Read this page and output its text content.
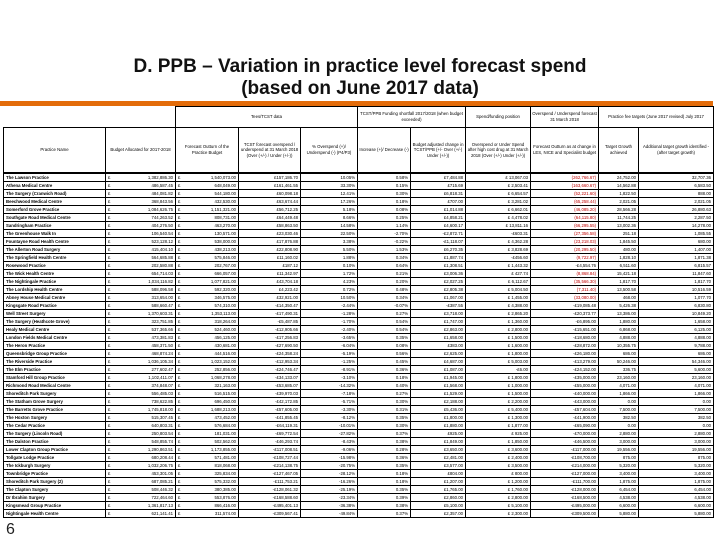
D. PPB – Variation in practice level forecast spend
(based on June 2017 data)
		Tees/TCST data			TCST/PPB Funding shortfall 2017/2018 (when budget exceeded)		Spend/funding position	Overspend / Underspend forecast 31 March 2018	Practice fee targets (June 2017 revised) July 2017	
Practice Name	Budget Allocated for 2017-2018	Forecast Outturn of the Practice Budget	TCST forecast overspend / underspend at 31 March 2018 (Over (+/-) / Under (+/-))	% Overspend (+)/ Underspend (-) (P4/P3)	Increase (+)/ Decrease (-)	Budget adjusted change in TCST/PPB (+/- Over (+/-) Under (+/-))	Overspend or Under Spend after high cost drug at 31 March 2018 (Over (+/-) Under (+/-))	Forecast Outturn as at change in LES, NICE and Specialist budget	Target Growth achieved	Additional target growth identified - (after target growth)
The Lawson Practice	£ 1,382,886.30	£ 1,540,073.00	£157,186.70	10.05%	0.58%	£7,484.88	£ 13,067.03	(262,766.67)	24,752.00	32,707.36
Athena Medical Centre	£ 486,587.45	£ 648,049.00	£161,461.55	33.30%	0.15%	£715.69	£ 2,503.41	(163,660.67)	14,562.88	6,583.50
The Surgery (Cranwich Road)	£ 484,081.82	£ 544,180.00	£60,098.18	12.41%	0.30%	£6,818.31	£ 6,654.57	(52,221.60)	1,822.50	888.00
Beechwood Medical Centre	£ 368,843.56	£ 432,530.00	£63,674.44	17.26%	0.18%	£707.00	£ 3,281.02	(65,258.44)	2,021.05	2,021.05
Somerford Grove Practice	£ 1,084,626.75	£ 1,151,321.00	£56,712.25	5.18%	0.08%	£1,014.88	£ 6,662.01	(46,085.20)	28,566.28	26,880.63
Southgate Road Medical Centre	£ 744,263.52	£ 808,731.00	£64,449.48	8.66%	0.25%	£4,858.21	£ 4,478.02	(64,115.80)	11,744.25	2,287.50
Sandringham Practice	£ 404,276.50	£ 463,270.00	£58,863.50	14.58%	1.14%	£4,600.17	£ 13,811.16	(66,295.55)	13,002.36	14,278.00
The Greenhouse Walk In	£ 106,540.54	£ 130,571.00	£23,030.46	22.50%	-2.70%	-£2,872.71	-£603.31	(27,356.58)	251.18	1,085.55
Fountayne Road Health Centre	£ 523,128.12	£ 538,000.00	£17,876.88	3.38%	-0.22%	-£1,118.07	£ 4,362.28	(23,218.03)	1,845.50	680.00
The Allerton Road Surgery	£ 415,404.10	£ 438,213.00	£22,808.90	5.50%	1.53%	£6,270.35	£ 3,828.69	(20,295.50)	480.00	1,407.00
The Springfield Health Centre	£ 564,685.88	£ 575,846.00	£11,160.02	1.88%	0.34%	£1,887.74	-£456.60	(9,722.97)	1,828.10	1,871.38
Rosewood Practice	£ 202,580.88	£ 202,767.00	£187.12	0.10%	0.64%	£1,308.51	£ 1,443.32	-£4,554.76	6,511.60	6,815.57
The Wick Health Centre	£ 654,714.03	£ 666,057.00	£11,342.97	1.72%	0.21%	£3,006.36	£ 427.74	(8,868.84)	15,421.18	11,847.60
The Nightingale Practice	£ 1,034,116.82	£ 1,077,821.00	£43,704.18	4.23%	0.20%	£2,027.25	£ 6,112.67	(35,566.30)	1,817.70	1,817.70
The Lordship Health Centre	£ 588,096.58	£ 592,320.00	£4,223.42	0.72%	0.48%	£2,805.38	£ 5,004.50	(7,311.40)	13,500.58	10,516.59
Abney House Medical Centre	£ 313,654.00	£ 346,575.00	£32,921.00	10.50%	0.34%	£1,067.00	£ 1,455.00	(33,080.00)	468.00	1,077.70
Kingsgate Road Practice	£ 588,660.47	£ 574,310.00	-£14,350.47	-2.44%	-0.07%	-£387.55	£ 4,388.00	-£19,085.48	5,426.38	6,830.80
Well Street Surgery	£ 1,370,603.31	£ 1,353,113.00	-£17,490.31	-1.28%	0.27%	£3,718.00	£ 2,865.20	-£20,373.77	13,386.00	10,849.20
The Surgery (Heathcote Grove)	£ 323,751.85	£ 318,264.00	-£5,487.85	-1.70%	0.54%	£1,747.00	£ 1,360.00	-£6,895.00	1,880.00	1,658.00
Healy Medical Centre	£ 537,365.66	£ 524,460.00	-£12,905.66	-2.40%	0.54%	£2,863.00	£ 2,800.00	-£15,651.00	6,868.00	6,125.00
London Fields Medical Centre	£ 473,381.83	£ 456,125.00	-£17,256.83	-3.65%	0.35%	£1,658.00	£ 1,500.00	-£18,680.00	4,888.00	4,888.00
The Heron Practice	£ 458,371.50	£ 430,681.00	-£27,690.50	-6.04%	0.08%	£383.00	£ 1,600.00	-£28,872.00	10,355.75	9,788.00
Queensbridge Group Practice	£ 468,874.24	£ 444,516.00	-£24,358.24	-5.19%	0.56%	£2,625.00	£ 1,800.00	-£26,180.00	686.00	686.00
The Riverside Practice	£ 1,036,105.34	£ 1,023,152.00	-£12,953.34	-1.25%	0.45%	£4,687.00	£ 5,003.00	-£13,279.00	50,246.00	54,346.00
The Elm Practice	£ 277,602.47	£ 252,856.00	-£24,746.47	-8.91%	0.36%	£1,087.00	-£6.00	-£24,152.00	336.75	5,600.00
Stamford Hill Group Practice	£ 1,102,411.07	£ 1,068,278.00	-£34,133.07	-3.10%	0.18%	£1,945.00	£ 1,800.00	-£35,000.00	23,160.00	23,160.00
Richmond Road Medical Centre	£ 374,848.07	£ 321,163.00	-£53,685.07	-14.32%	0.40%	£1,568.00	£ 1,000.00	-£55,000.00	4,071.00	4,071.00
Shoreditch Park Surgery	£ 556,485.03	£ 516,515.00	-£39,970.03	-7.18%	0.27%	£1,529.00	£ 1,500.00	-£40,000.00	1,866.00	1,866.00
The Statham Grove Surgery	£ 738,622.85	£ 696,450.00	-£42,172.85	-5.71%	0.30%	£2,188.00	£ 2,200.00	-£43,000.00	0.00	0.00
The Barretts Grove Practice	£ 1,745,818.00	£ 1,688,213.00	-£57,605.00	-3.30%	0.31%	£5,436.00	£ 5,400.00	-£57,604.00	7,500.00	7,500.00
The Hoxton Surgery	£ 515,307.45	£ 473,452.00	-£41,855.45	-8.12%	0.35%	£1,800.00	£ 1,300.00	-£41,900.00	382.50	382.50
The Cedar Practice	£ 640,803.31	£ 576,684.00	-£64,119.31	-10.01%	0.30%	£1,880.00	£ 1,877.00	-£65,090.00	0.00	0.00
The Surgery (Lincoln Road)	£ 250,803.54	£ 181,031.00	-£69,772.54	-27.82%	0.37%	£925.00	£ 925.00	-£70,000.00	2,880.00	2,880.00
The Dalston Practice	£ 548,855.74	£ 502,562.00	-£46,293.74	-8.43%	0.38%	£1,849.00	£ 1,850.00	-£46,500.00	3,000.00	3,000.00
Lower Clapton Group Practice	£ 1,290,863.51	£ 1,173,855.00	-£117,008.51	-9.06%	0.28%	£3,650.00	£ 3,600.00	-£117,000.00	19,556.00	19,556.00
Tollgate Lodge Practice	£ 680,208.44	£ 571,481.00	-£108,727.44	-15.98%	0.36%	£2,481.00	£ 2,400.00	-£108,700.00	875.00	875.00
The Ickburgh Surgery	£ 1,032,206.75	£ 818,068.00	-£214,138.75	-20.75%	0.35%	£3,577.00	£ 3,500.00	-£214,000.00	5,320.00	5,320.00
Townbridge Practice	£ 453,301.05	£ 325,834.00	-£127,467.05	-28.12%	0.18%	£804.00	£ 800.00	-£127,000.00	3,400.00	3,400.00
Shoreditch Park Surgery (2)	£ 687,085.21	£ 575,332.00	-£111,753.21	-16.26%	0.18%	£1,207.00	£ 1,200.00	-£111,700.00	1,875.00	1,875.00
The Clapton Surgery	£ 508,446.32	£ 380,385.00	-£128,061.32	-25.19%	0.35%	£1,765.00	£ 1,760.00	-£128,000.00	6,454.00	6,454.00
Dr Ibrahim Surgery	£ 722,464.60	£ 553,876.00	-£168,588.60	-23.34%	0.39%	£2,860.00	£ 2,800.00	-£168,500.00	4,538.00	4,538.00
Kingsmead Group Practice	£ 1,361,817.13	£ 866,416.00	-£495,401.13	-36.38%	0.38%	£5,100.00	£ 5,100.00	-£495,000.00	6,600.00	6,600.00
Nightingale Health Centre	£ 621,141.41	£ 311,574.00	-£309,567.41	-49.84%	0.37%	£2,357.00	£ 2,300.00	-£309,500.00	5,880.00	5,880.00
6
